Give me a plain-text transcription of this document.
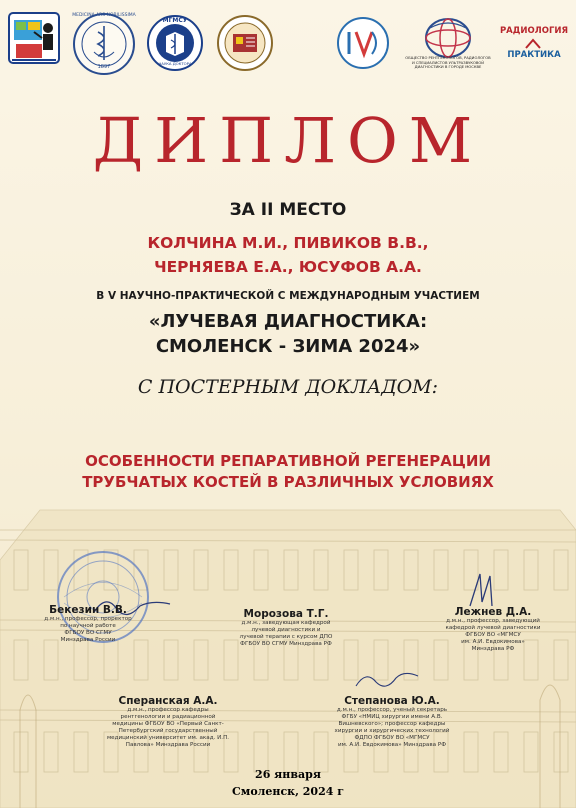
MEDICINA ARS NOBILISSIMA
1897
МГМСУ
НАУКА ДОКТОРА
ОБЩЕСТВО РЕНТГЕНОЛОГОВ, РАДИОЛОГОВ И СПЕЦИАЛИСТОВ УЛЬТРАЗВУКОВОЙ ДИАГНОСТИКИ В ГОРОДЕ МОСКВЕ
РАДИОЛОГИЯ
ПРАКТИКА
ДИПЛОМ
ЗА II МЕСТО
КОЛЧИНА М.И., ПИВИКОВ В.В.,
ЧЕРНЯЕВА Е.А., ЮСУФОВ А.А.
В V НАУЧНО-ПРАКТИЧЕСКОЙ С МЕЖДУНАРОДНЫМ УЧАСТИЕМ
«ЛУЧЕВАЯ ДИАГНОСТИКА:
СМОЛЕНСК - ЗИМА 2024»
С ПОСТЕРНЫМ ДОКЛАДОМ:
ОСОБЕННОСТИ РЕПАРАТИВНОЙ РЕГЕНЕРАЦИИ
ТРУБЧАТЫХ КОСТЕЙ В РАЗЛИЧНЫХ УСЛОВИЯХ
Бекезин В.В.
д.м.н., профессор, проректор
по научной работе
ФГБОУ ВО СГМУ
Минздрава России
Морозова Т.Г.
д.м.н., заведующая кафедрой
лучевой диагностики и
лучевой терапии с курсом ДПО
ФГБОУ ВО СГМУ Минздрава РФ
Лежнев Д.А.
д.м.н., профессор, заведующий
кафедрой лучевой диагностики
ФГБОУ ВО «МГМСУ
им. А.И. Евдокимова»
Минздрава РФ
Сперанская А.А.
д.м.н., профессор кафедры
рентгенологии и радиационной
медицины ФГБОУ ВО «Первый Санкт-
Петербургский государственный
медицинский университет им. акад. И.П.
Павлова» Минздрава России
Степанова Ю.А.
д.м.н., профессор, ученый секретарь
ФГБУ «НМИЦ хирургии имени А.В.
Вишневского»; профессор кафедры
хирургии и хирургических технологий
ФДПО ФГБОУ ВО «МГМСУ
им. А.И. Евдокимова» Минздрава РФ
26 января
Смоленск, 2024 г
